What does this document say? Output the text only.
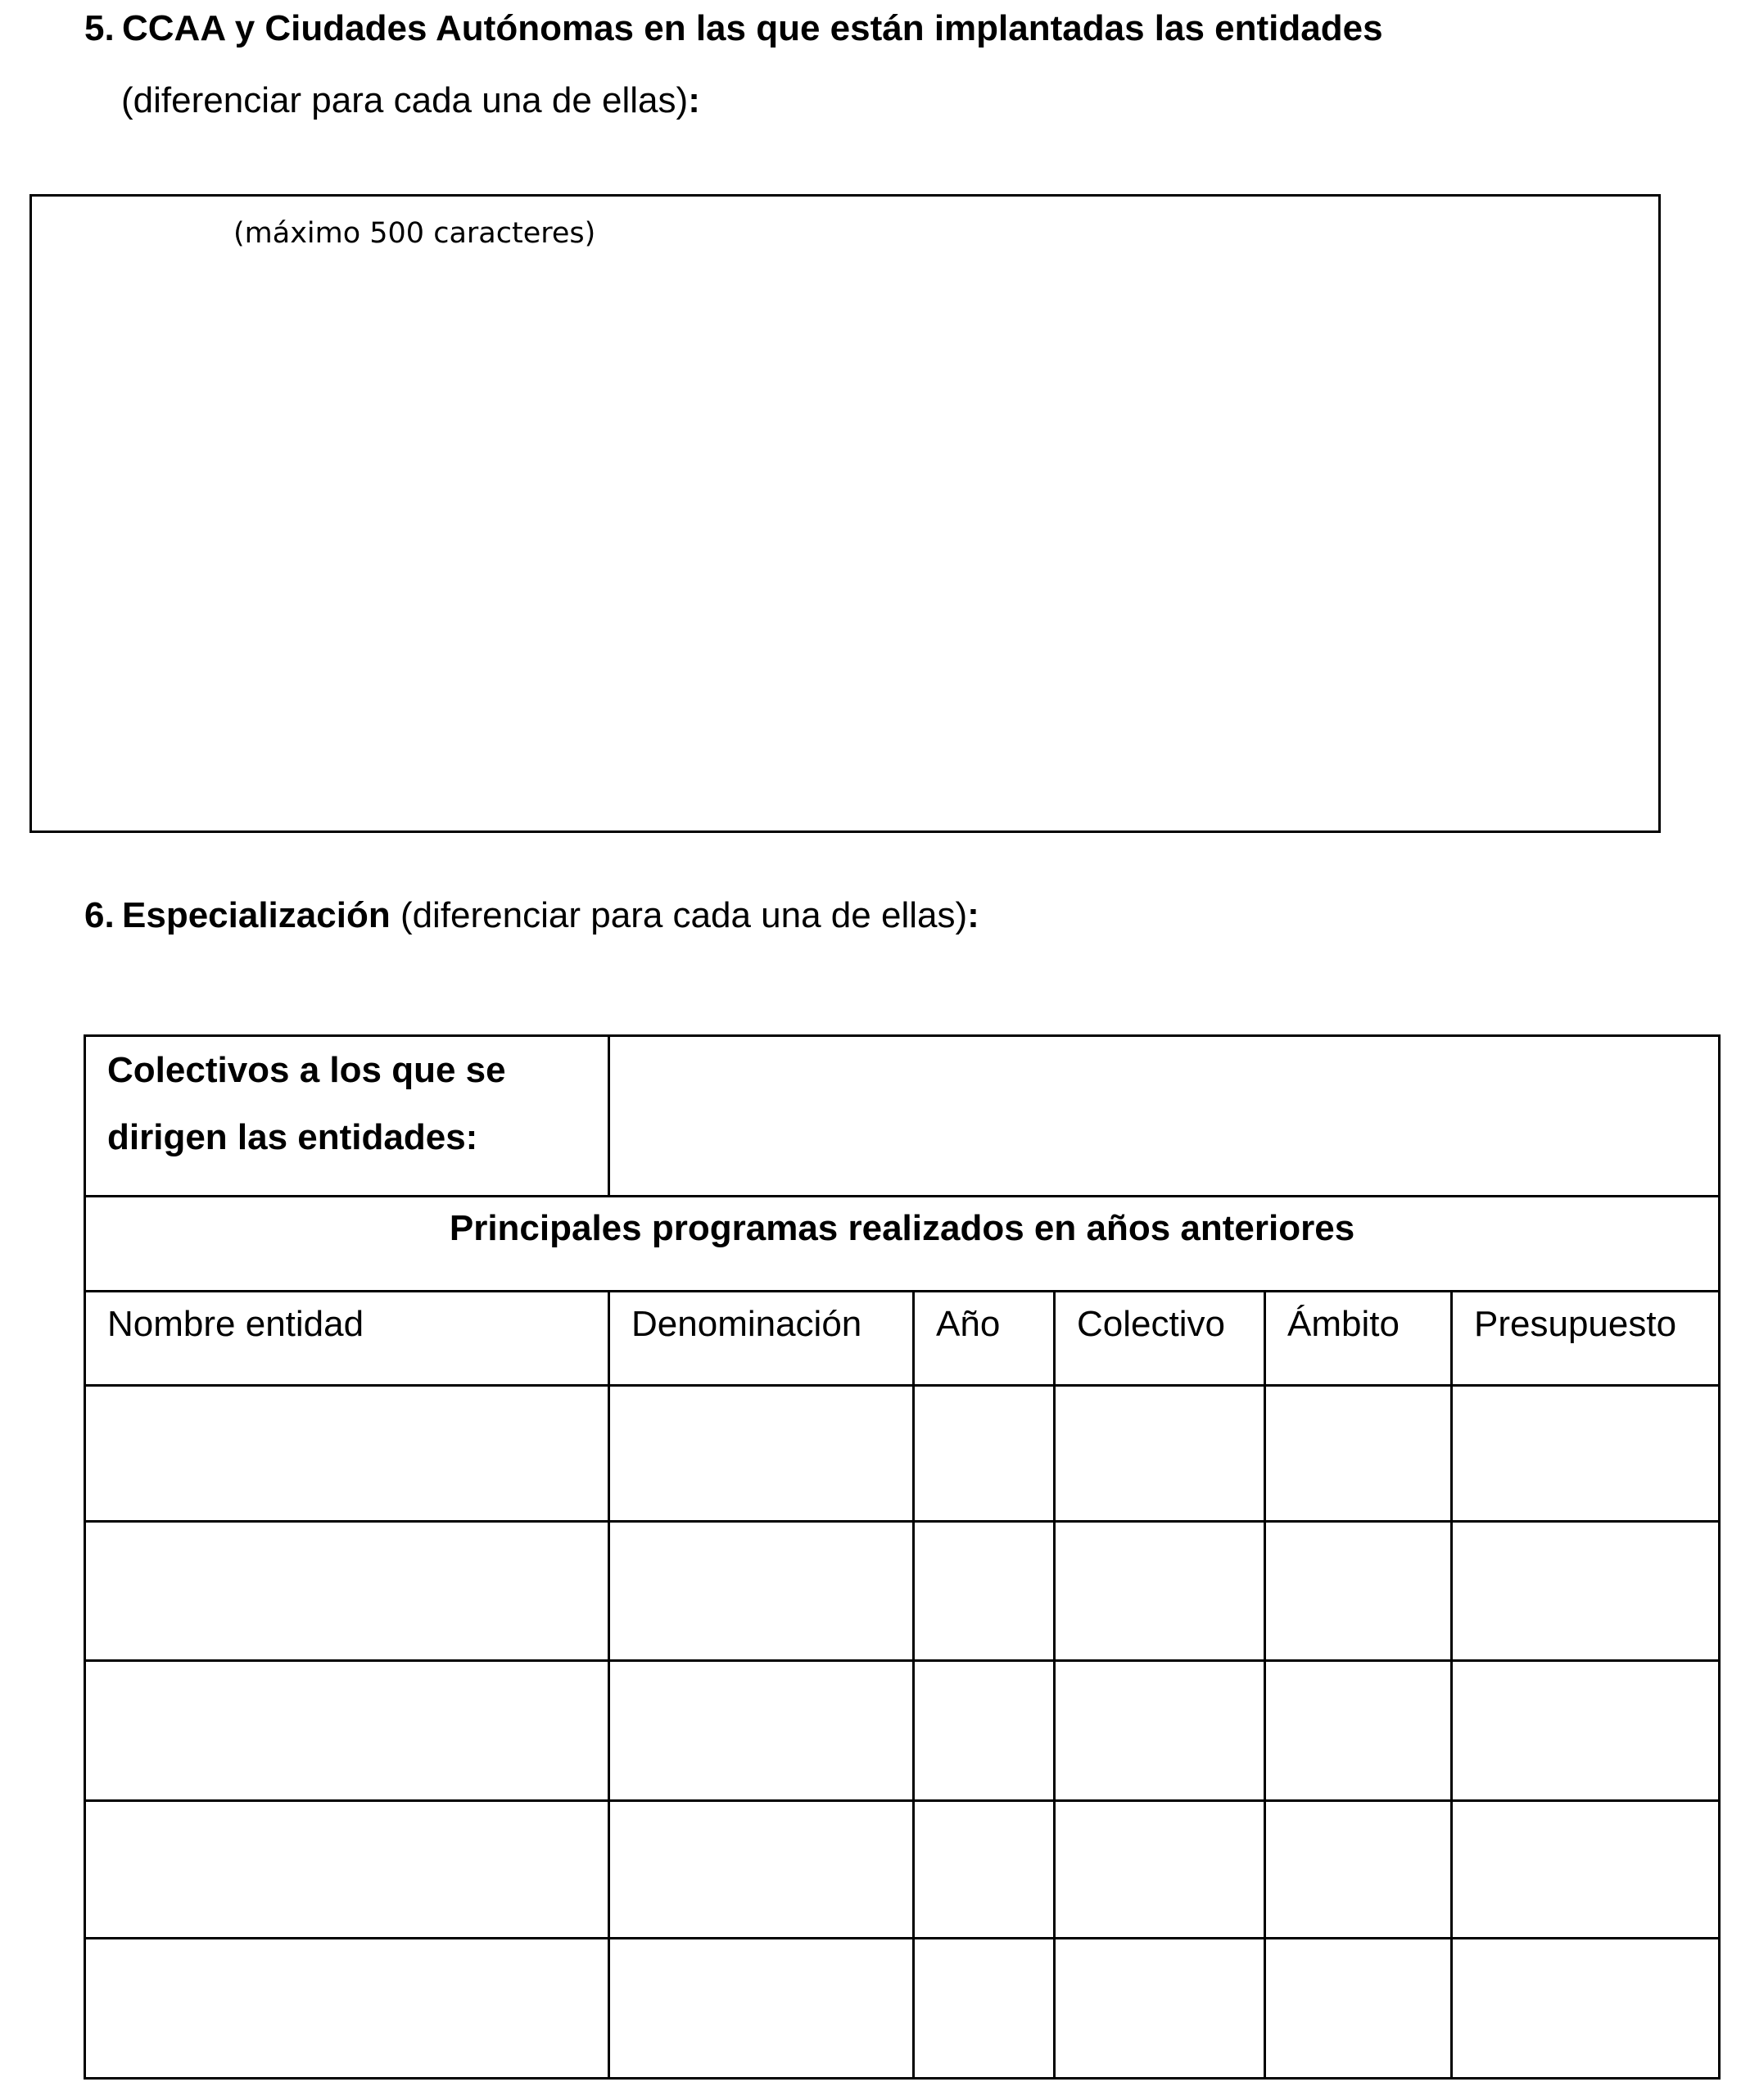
5. CCAA y Ciudades Autónomas en las que están implantadas las entidades
(diferenciar para cada una de ellas):
(máximo 500 caracteres)
6. Especialización (diferenciar para cada una de ellas):
Colectivos a los que se dirigen las entidades:					
Principales programas realizados en años anteriores					
Nombre entidad	Denominación	Año	Colectivo	Ámbito	Presupuesto
